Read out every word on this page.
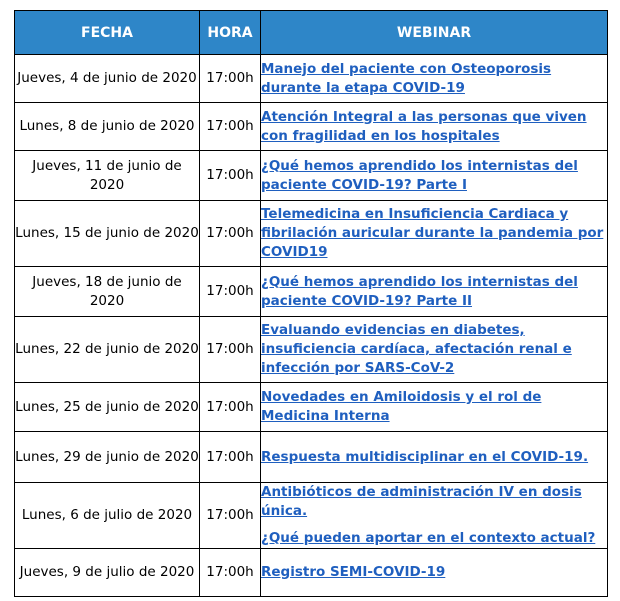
FECHA	HORA	WEBINAR
Jueves, 4 de junio de 2020	17:00h	Manejo del paciente con Osteoporosis durante la etapa COVID-19
Lunes, 8 de junio de 2020	17:00h	Atención Integral a las personas que viven con fragilidad en los hospitales
Jueves, 11 de junio de 2020	17:00h	¿Qué hemos aprendido los internistas del paciente COVID-19? Parte I
Lunes, 15 de junio de 2020	17:00h	Telemedicina en Insuficiencia Cardiaca y fibrilación auricular durante la pandemia por COVID19
Jueves, 18 de junio de 2020	17:00h	¿Qué hemos aprendido los internistas del paciente COVID-19? Parte II
Lunes, 22 de junio de 2020	17:00h	Evaluando evidencias en diabetes, insuficiencia cardíaca, afectación renal e infección por SARS-CoV-2
Lunes, 25 de junio de 2020	17:00h	Novedades en Amiloidosis y el rol de Medicina Interna
Lunes, 29 de junio de 2020	17:00h	Respuesta multidisciplinar en el COVID-19.
Lunes, 6 de julio de 2020	17:00h	Antibióticos de administración IV en dosis única.
¿Qué pueden aportar en el contexto actual?
Jueves, 9 de julio de 2020	17:00h	Registro SEMI-COVID-19
